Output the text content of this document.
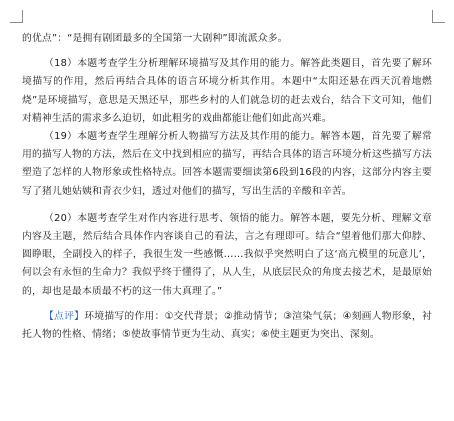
的优点”：“是拥有剧团最多的全国第一大剧种”即流派众多。

（18）本题考查学生分析理解环境描写及其作用的能力。解答此类题目，首先要了解环境描写的作用，然后再结合具体的语言环境分析其作用。本题中“太阳还悬在西天沉着地燃烧”是环境描写，意思是天黑还早，那些乡村的人们就急切的赶去戏台，结合下文可知，他们对精神生活的需求多么迫切，如此粗劣的戏曲都能让他们如此高兴难。

（19）本题考查学生理解分析人物描写方法及其作用的能力。解答本题，首先要了解常用的描写人物的方法，然后在文中找到相应的描写，再结合具体的语言环境分析这些描写方法塑造了怎样的人物形象或性格特点。回答本题需要细读第6段到16段的内容，这部分内容主要写了猪儿她姑姨和青衣少妇，透过对他们的描写，写出生活的辛酸和辛苦。

（20）本题考查学生对作内容进行思考、领悟的能力。解答本题，要先分析、理解文章内容及主题，然后结合具体作内容谈自己的看法，言之有理即可。结合“望着他们那大仰脖、圆睁眼，全副投入的样子，我很生发一些感慨……我似乎突然明白了这‘高亢模里的玩意儿’，何以会有永恒的生命力？我似乎终于懂得了，从人生，从底层民众的角度去接艺术，是最原始的，却也是最本质最不朽的这一伟大真理了。”

【点评】环境描写的作用：①交代背景；②推动情节；③渲染气氛；④刻画人物形象，衬托人物的性格、情绪；⑤使故事情节更为生动、真实；⑥使主题更为突出、深刻。
